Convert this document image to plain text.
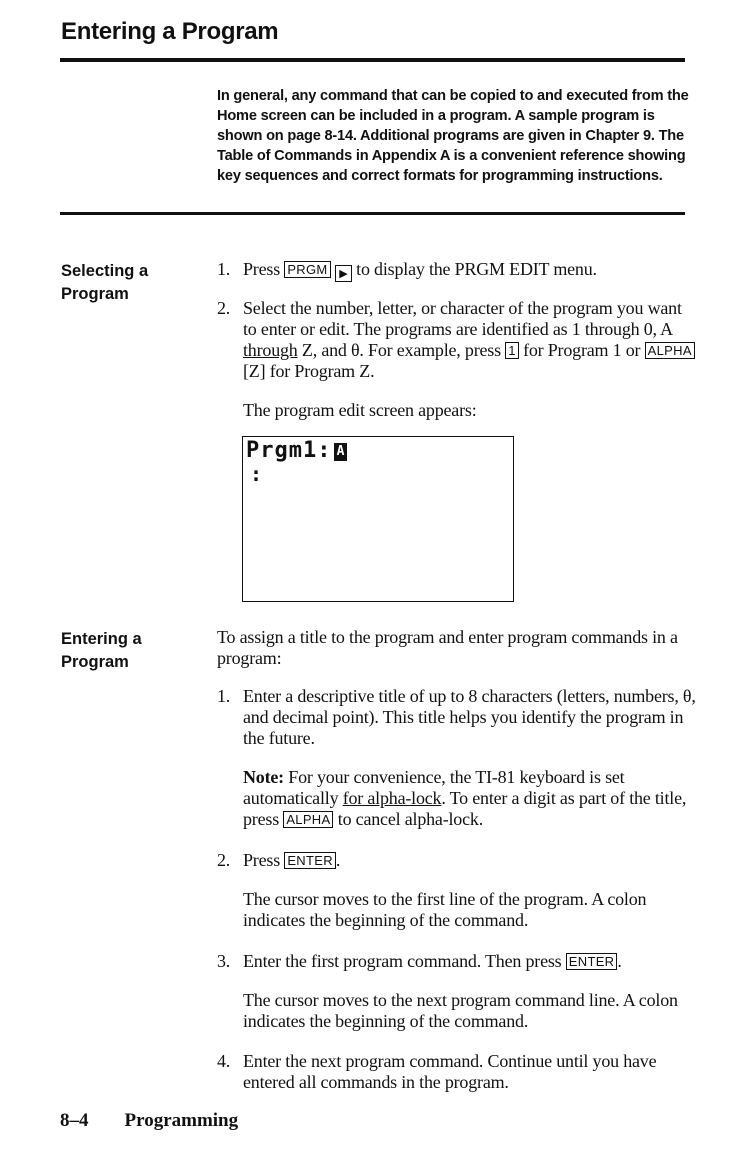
Entering a Program
In general, any command that can be copied to and executed from the Home screen can be included in a program. A sample program is shown on page 8-14. Additional programs are given in Chapter 9. The Table of Commands in Appendix A is a convenient reference showing key sequences and correct formats for programming instructions.
Selecting a
Program
1. Press PRGM ▶ to display the PRGM EDIT menu.
2. Select the number, letter, or character of the program you want to enter or edit. The programs are identified as 1 through 0, A through Z, and θ. For example, press 1 for Program 1 or ALPHA [Z] for Program Z.
The program edit screen appears:
Prgm1: A
:
Entering a
Program
To assign a title to the program and enter program commands in a program:
1. Enter a descriptive title of up to 8 characters (letters, numbers, θ, and decimal point). This title helps you identify the program in the future.
Note: For your convenience, the TI-81 keyboard is set automatically for alpha-lock. To enter a digit as part of the title, press ALPHA to cancel alpha-lock.
2. Press ENTER .
The cursor moves to the first line of the program. A colon indicates the beginning of the command.
3. Enter the first program command. Then press ENTER .
The cursor moves to the next program command line. A colon indicates the beginning of the command.
4. Enter the next program command. Continue until you have entered all commands in the program.
8–4 Programming
